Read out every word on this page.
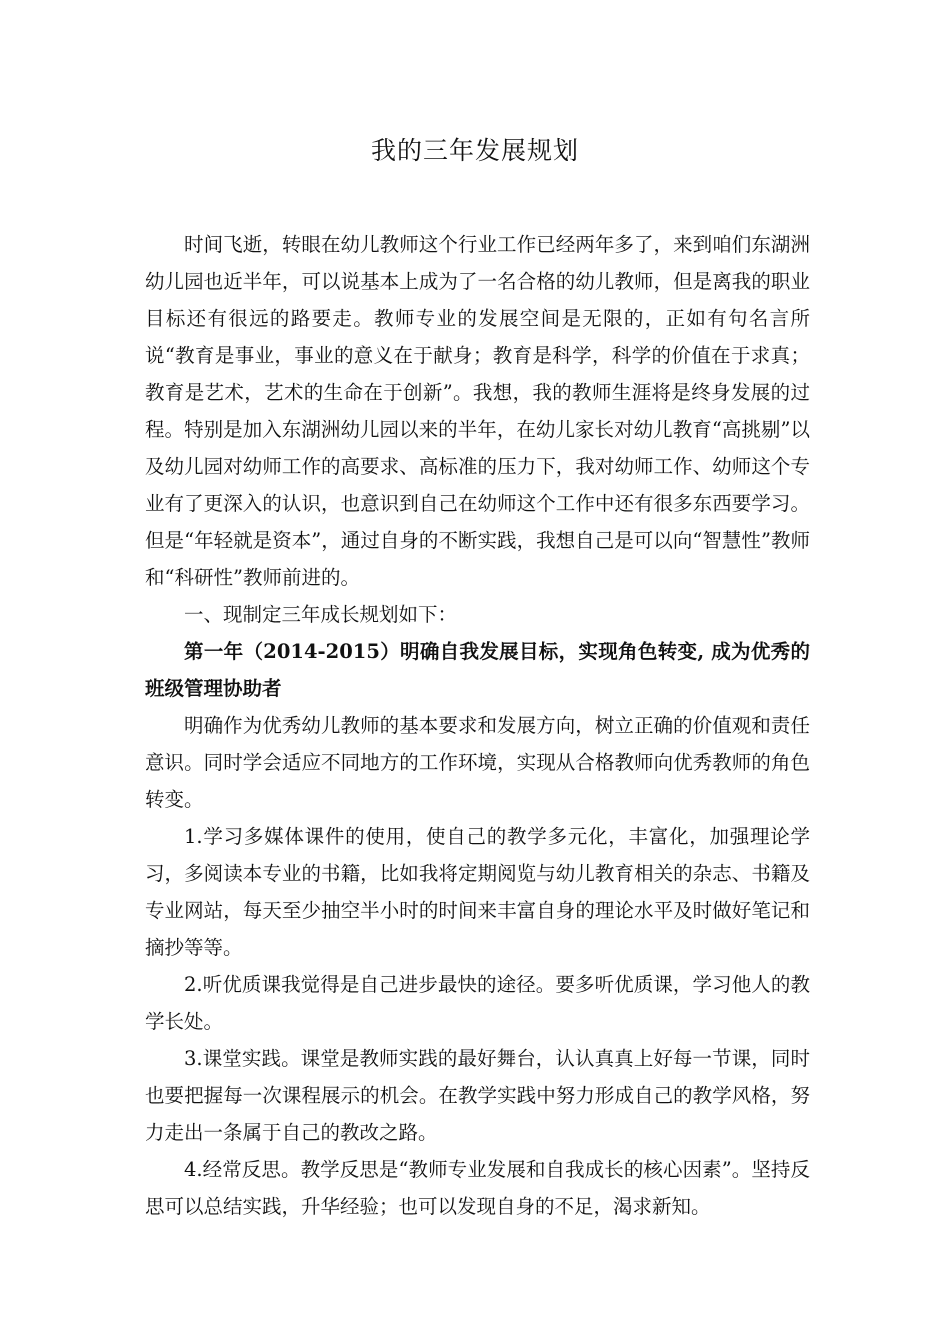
我的三年发展规划

时间飞逝，转眼在幼儿教师这个行业工作已经两年多了，来到咱们东湖洲幼儿园也近半年，可以说基本上成为了一名合格的幼儿教师，但是离我的职业目标还有很远的路要走。教师专业的发展空间是无限的，正如有句名言所说“教育是事业，事业的意义在于献身；教育是科学，科学的价值在于求真；教育是艺术，艺术的生命在于创新”。我想，我的教师生涯将是终身发展的过程。特别是加入东湖洲幼儿园以来的半年，在幼儿家长对幼儿教育“高挑剔”以及幼儿园对幼师工作的高要求、高标准的压力下，我对幼师工作、幼师这个专业有了更深入的认识，也意识到自己在幼师这个工作中还有很多东西要学习。但是“年轻就是资本”，通过自身的不断实践，我想自己是可以向“智慧性”教师和“科研性”教师前进的。

一、现制定三年成长规划如下：

第一年（2014-2015）明确自我发展目标，实现角色转变, 成为优秀的班级管理协助者

明确作为优秀幼儿教师的基本要求和发展方向，树立正确的价值观和责任意识。同时学会适应不同地方的工作环境，实现从合格教师向优秀教师的角色转变。

1.学习多媒体课件的使用，使自己的教学多元化，丰富化，加强理论学习，多阅读本专业的书籍，比如我将定期阅览与幼儿教育相关的杂志、书籍及专业网站，每天至少抽空半小时的时间来丰富自身的理论水平及时做好笔记和摘抄等等。

2.听优质课我觉得是自己进步最快的途径。要多听优质课，学习他人的教学长处。

3.课堂实践。课堂是教师实践的最好舞台，认认真真上好每一节课，同时也要把握每一次课程展示的机会。在教学实践中努力形成自己的教学风格，努力走出一条属于自己的教改之路。

4.经常反思。教学反思是“教师专业发展和自我成长的核心因素”。坚持反思可以总结实践，升华经验；也可以发现自身的不足，渴求新知。
